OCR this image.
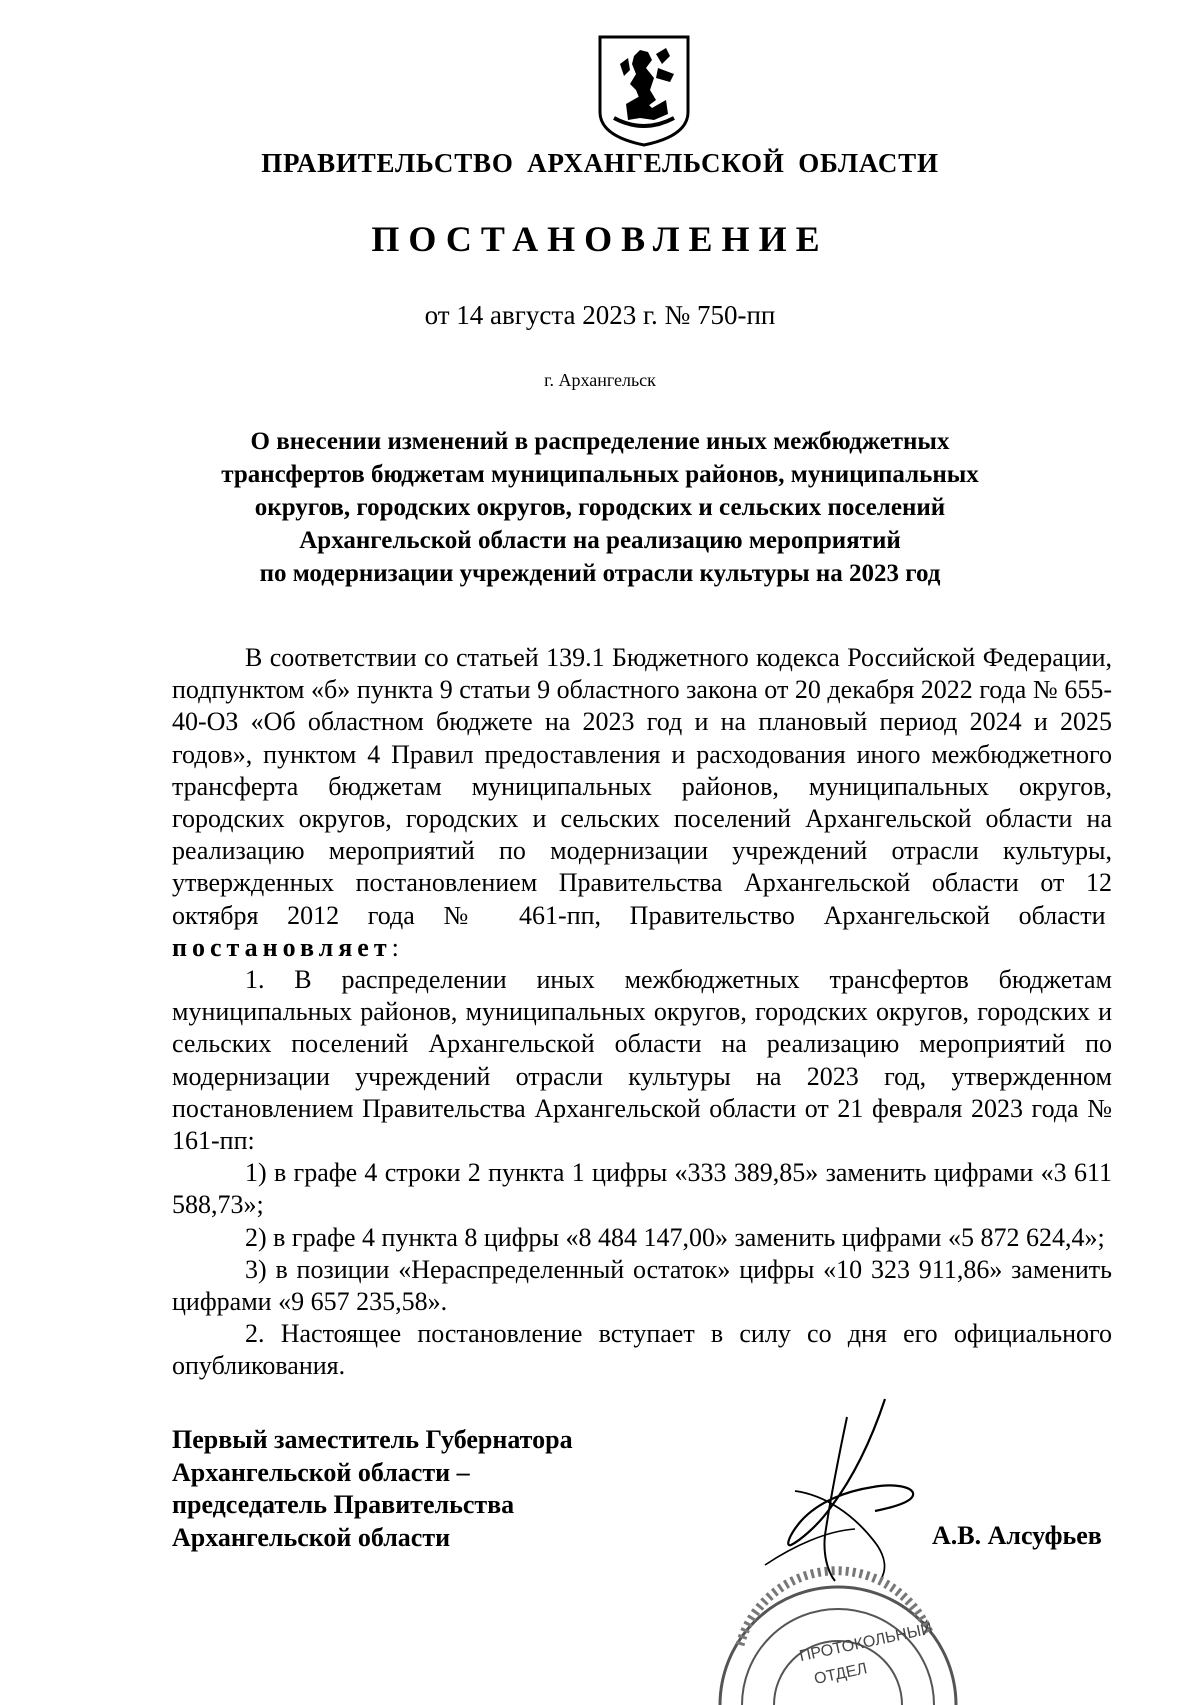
ПРАВИТЕЛЬСТВО АРХАНГЕЛЬСКОЙ ОБЛАСТИ
ПОСТАНОВЛЕНИЕ
от 14 августа 2023 г. № 750-пп
г. Архангельск
О внесении изменений в распределение иных межбюджетных
трансфертов бюджетам муниципальных районов, муниципальных
округов, городских округов, городских и сельских поселений
Архангельской области на реализацию мероприятий
по модернизации учреждений отрасли культуры на 2023 год

В соответствии со статьей 139.1 Бюджетного кодекса Российской Федерации, подпунктом «б» пункта 9 статьи 9 областного закона от 20 декабря 2022 года № 655-40-ОЗ «Об областном бюджете на 2023 год и на плановый период 2024 и 2025 годов», пунктом 4 Правил предоставления и расходования иного межбюджетного трансферта бюджетам муниципальных районов, муниципальных округов, городских округов, городских и сельских поселений Архангельской области на реализацию мероприятий по модернизации учреждений отрасли культуры, утвержденных постановлением Правительства Архангельской области от 12 октября 2012 года № 461-пп, Правительство Архангельской области  постановляет:

1. В распределении иных межбюджетных трансфертов бюджетам муниципальных районов, муниципальных округов, городских округов, городских и сельских поселений Архангельской области на реализацию мероприятий по модернизации учреждений отрасли культуры на 2023 год, утвержденном постановлением Правительства Архангельской области от 21 февраля 2023 года № 161-пп:

1) в графе 4 строки 2 пункта 1 цифры «333 389,85» заменить цифрами «3 611 588,73»;

2) в графе 4 пункта 8 цифры «8 484 147,00» заменить цифрами «5 872 624,4»;

3) в позиции «Нераспределенный остаток» цифры «10 323 911,86» заменить цифрами «9 657 235,58».

2. Настоящее постановление вступает в силу со дня его официального опубликования.

Первый заместитель Губернатора
Архангельской области –
председатель Правительства
Архангельской области	А.В. Алсуфьев
ПРОТОКОЛЬНЫЙ
ОТДЕЛ
